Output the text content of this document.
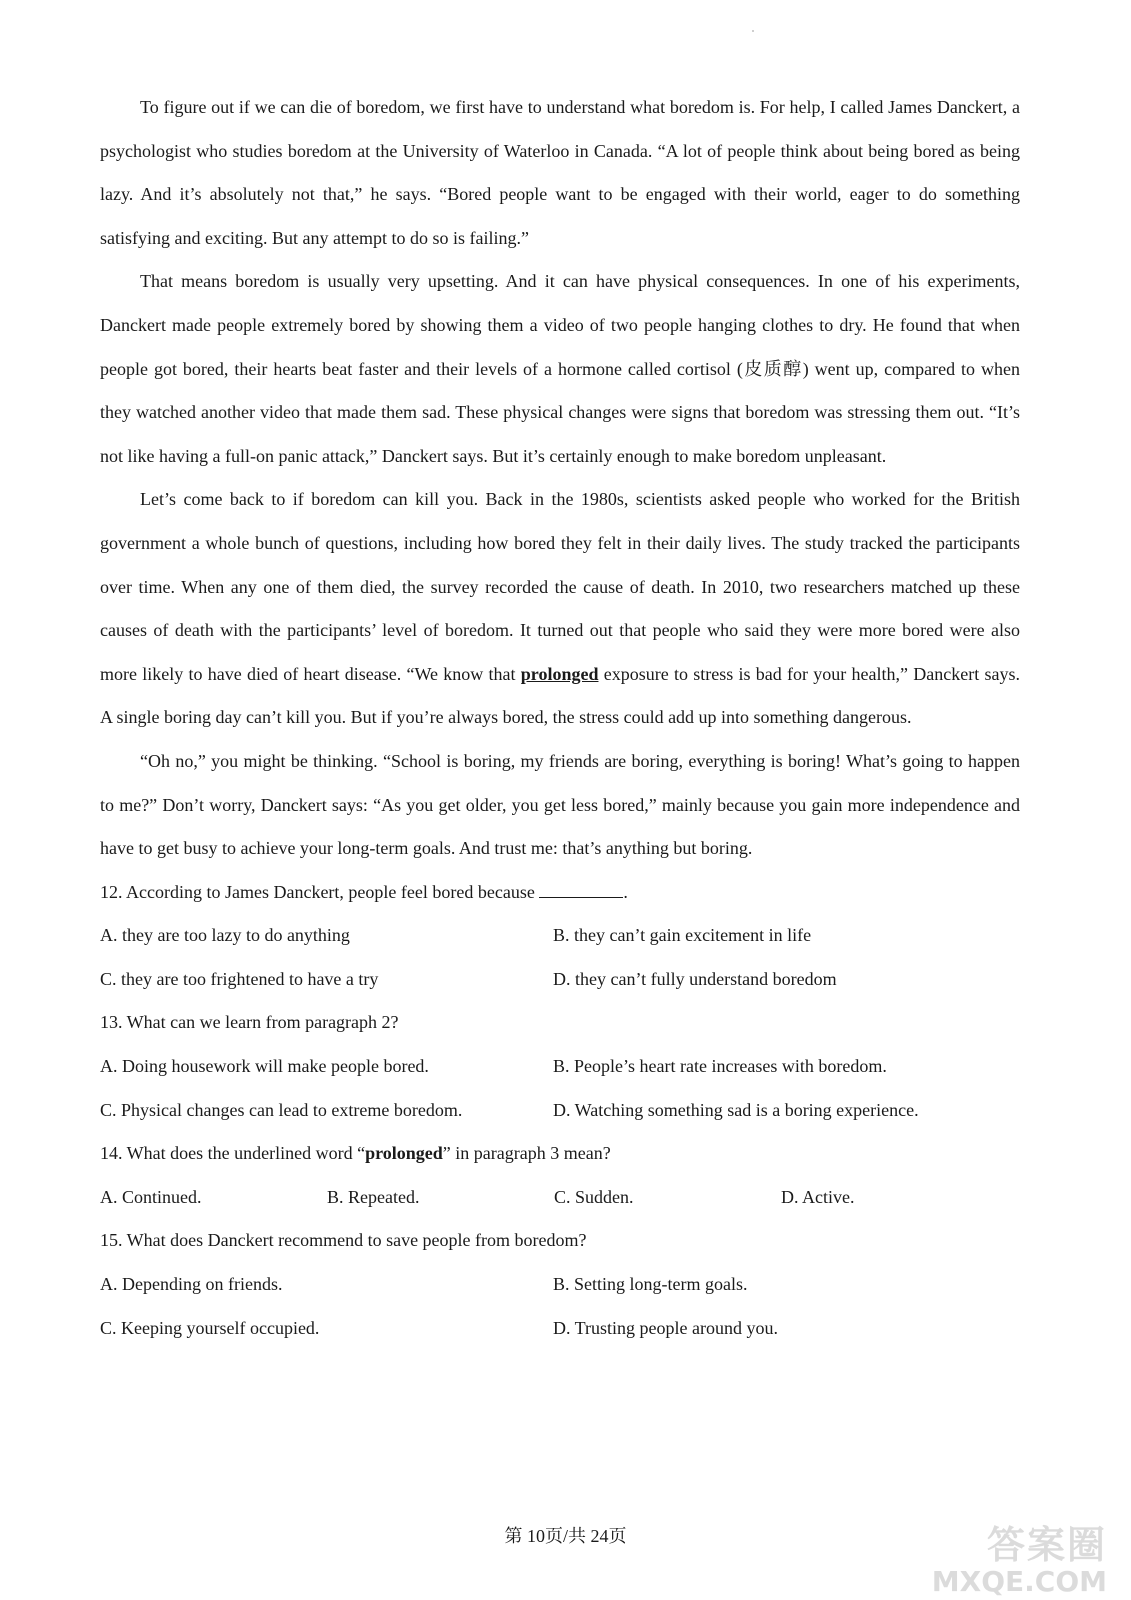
To figure out if we can die of boredom, we first have to understand what boredom is. For help, I called James Danckert, a psychologist who studies boredom at the University of Waterloo in Canada. “A lot of people think about being bored as being lazy. And it’s absolutely not that,” he says. “Bored people want to be engaged with their world, eager to do something satisfying and exciting. But any attempt to do so is failing.”

That means boredom is usually very upsetting. And it can have physical consequences. In one of his experiments, Danckert made people extremely bored by showing them a video of two people hanging clothes to dry. He found that when people got bored, their hearts beat faster and their levels of a hormone called cortisol (皮质醇) went up, compared to when they watched another video that made them sad. These physical changes were signs that boredom was stressing them out. “It’s not like having a full-on panic attack,” Danckert says. But it’s certainly enough to make boredom unpleasant.

Let’s come back to if boredom can kill you. Back in the 1980s, scientists asked people who worked for the British government a whole bunch of questions, including how bored they felt in their daily lives. The study tracked the participants over time. When any one of them died, the survey recorded the cause of death. In 2010, two researchers matched up these causes of death with the participants’ level of boredom. It turned out that people who said they were more bored were also more likely to have died of heart disease. “We know that prolonged exposure to stress is bad for your health,” Danckert says. A single boring day can’t kill you. But if you’re always bored, the stress could add up into something dangerous.

“Oh no,” you might be thinking. “School is boring, my friends are boring, everything is boring! What’s going to happen to me?” Don’t worry, Danckert says: “As you get older, you get less bored,” mainly because you gain more independence and have to get busy to achieve your long-term goals. And trust me: that’s anything but boring.

12. According to James Danckert, people feel bored because	.

A. they are too lazy to do anything	B. they can’t gain excitement in life
C. they are too frightened to have a try	D. they can’t fully understand boredom

13. What can we learn from paragraph 2?

A. Doing housework will make people bored.	B. People’s heart rate increases with boredom.
C. Physical changes can lead to extreme boredom.	D. Watching something sad is a boring experience.

14. What does the underlined word “prolonged” in paragraph 3 mean?

A. Continued.	B. Repeated.	C. Sudden.	D. Active.

15. What does Danckert recommend to save people from boredom?

A. Depending on friends.	B. Setting long-term goals.
C. Keeping yourself occupied.	D. Trusting people around you.
第 10页/共 24页	答案圈
MXQE.COM
